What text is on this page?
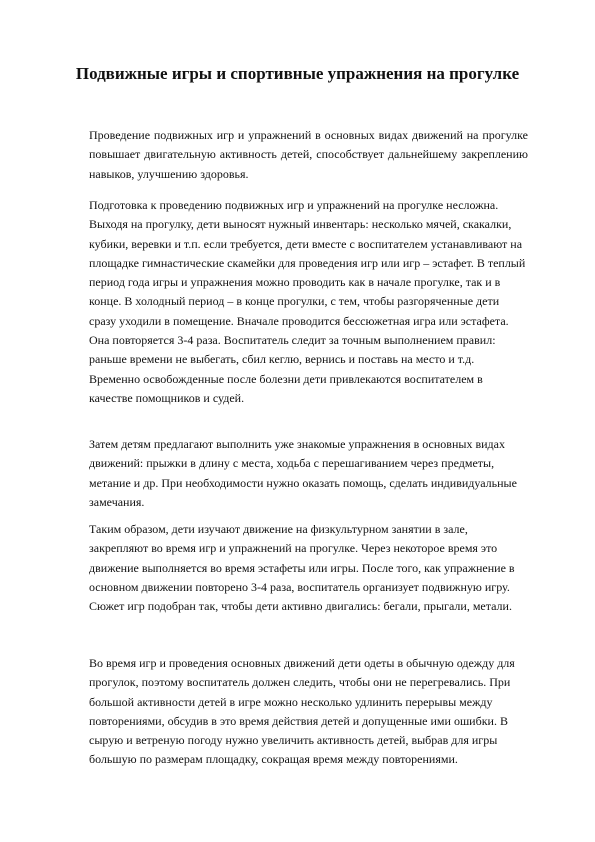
Подвижные игры и спортивные упражнения на прогулке

Проведение подвижных игр и упражнений в основных видах движений на прогулке повышает двигательную активность детей, способствует дальнейшему закреплению навыков, улучшению здоровья.

Подготовка к проведению подвижных игр и упражнений на прогулке несложна. Выходя на прогулку, дети выносят нужный инвентарь: несколько мячей, скакалки, кубики, веревки и т.п. если требуется, дети вместе с воспитателем устанавливают на площадке гимнастические скамейки для проведения игр или игр – эстафет. В теплый период года игры и упражнения можно проводить как в начале прогулке, так и в конце. В холодный период – в конце прогулки, с тем, чтобы разгоряченные дети сразу уходили в помещение. Вначале проводится бессюжетная игра или эстафета. Она повторяется 3-4 раза. Воспитатель следит за точным выполнением правил: раньше времени не выбегать, сбил кеглю, вернись и поставь на место и т.д. Временно освобожденные после болезни дети привлекаются воспитателем в качестве помощников и судей.

Затем детям предлагают выполнить уже знакомые упражнения в основных видах движений: прыжки в длину с места, ходьба с перешагиванием через предметы, метание и др. При необходимости нужно оказать помощь, сделать индивидуальные замечания.

Таким образом, дети изучают движение на физкультурном занятии в зале, закрепляют во время игр и упражнений на прогулке. Через некоторое время это движение выполняется во время эстафеты или игры. После того, как упражнение в основном движении повторено 3-4 раза, воспитатель организует подвижную игру. Сюжет игр подобран так, чтобы дети активно двигались: бегали, прыгали, метали.

Во время игр и проведения основных движений дети одеты в обычную одежду для прогулок, поэтому воспитатель должен следить, чтобы они не перегревались. При большой активности детей в игре можно несколько удлинить перерывы между повторениями, обсудив в это время действия детей и допущенные ими ошибки. В сырую и ветреную погоду нужно увеличить активность детей, выбрав для игры большую по размерам площадку, сокращая время между повторениями.
